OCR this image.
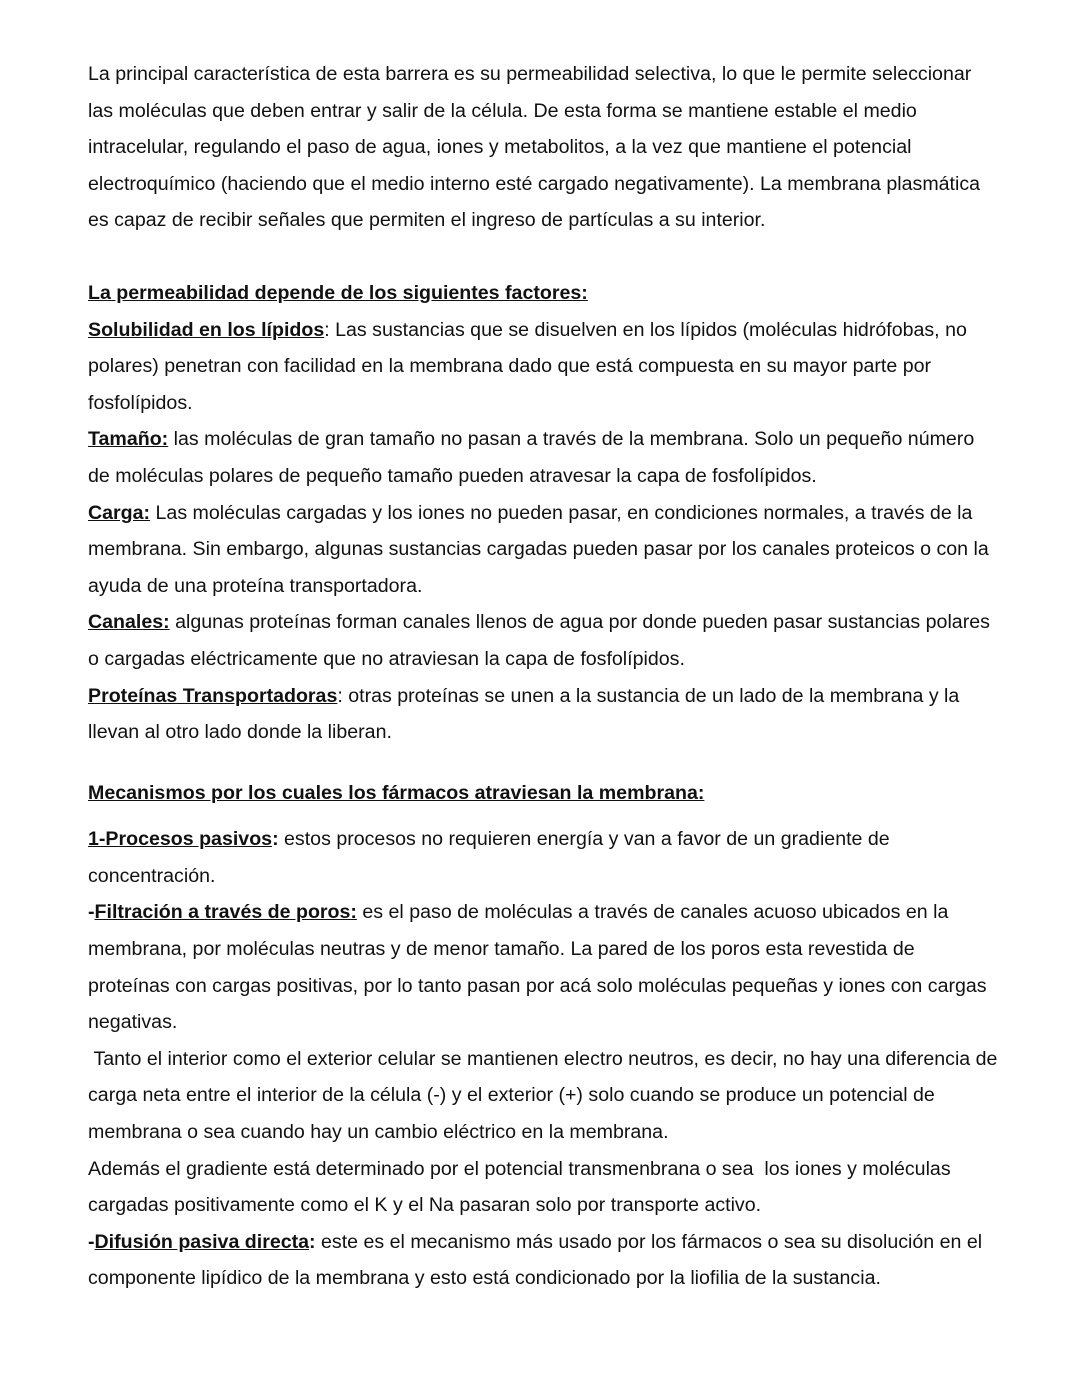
La principal característica de esta barrera es su permeabilidad selectiva, lo que le permite seleccionar las moléculas que deben entrar y salir de la célula. De esta forma se mantiene estable el medio intracelular, regulando el paso de agua, iones y metabolitos, a la vez que mantiene el potencial electroquímico (haciendo que el medio interno esté cargado negativamente). La membrana plasmática es capaz de recibir señales que permiten el ingreso de partículas a su interior.

La permeabilidad depende de los siguientes factores:

Solubilidad en los lípidos: Las sustancias que se disuelven en los lípidos (moléculas hidrófobas, no polares) penetran con facilidad en la membrana dado que está compuesta en su mayor parte por fosfolípidos.

Tamaño: las moléculas de gran tamaño no pasan a través de la membrana. Solo un pequeño número de moléculas polares de pequeño tamaño pueden atravesar la capa de fosfolípidos.

Carga: Las moléculas cargadas y los iones no pueden pasar, en condiciones normales, a través de la membrana. Sin embargo, algunas sustancias cargadas pueden pasar por los canales proteicos o con la ayuda de una proteína transportadora.

Canales: algunas proteínas forman canales llenos de agua por donde pueden pasar sustancias polares o cargadas eléctricamente que no atraviesan la capa de fosfolípidos.

Proteínas Transportadoras: otras proteínas se unen a la sustancia de un lado de la membrana y la llevan al otro lado donde la liberan.

Mecanismos por los cuales los fármacos atraviesan la membrana:

1-Procesos pasivos: estos procesos no requieren energía y van a favor de un gradiente de concentración.

-Filtración a través de poros: es el paso de moléculas a través de canales acuoso ubicados en la membrana, por moléculas neutras y de menor tamaño. La pared de los poros esta revestida de proteínas con cargas positivas, por lo tanto pasan por acá solo moléculas pequeñas y iones con cargas negativas.

Tanto el interior como el exterior celular se mantienen electro neutros, es decir, no hay una diferencia de carga neta entre el interior de la célula (-) y el exterior (+) solo cuando se produce un potencial de membrana o sea cuando hay un cambio eléctrico en la membrana.

Además el gradiente está determinado por el potencial transmenbrana o sea  los iones y moléculas cargadas positivamente como el K y el Na pasaran solo por transporte activo.

-Difusión pasiva directa: este es el mecanismo más usado por los fármacos o sea su disolución en el componente lipídico de la membrana y esto está condicionado por la liofilia de la sustancia.
